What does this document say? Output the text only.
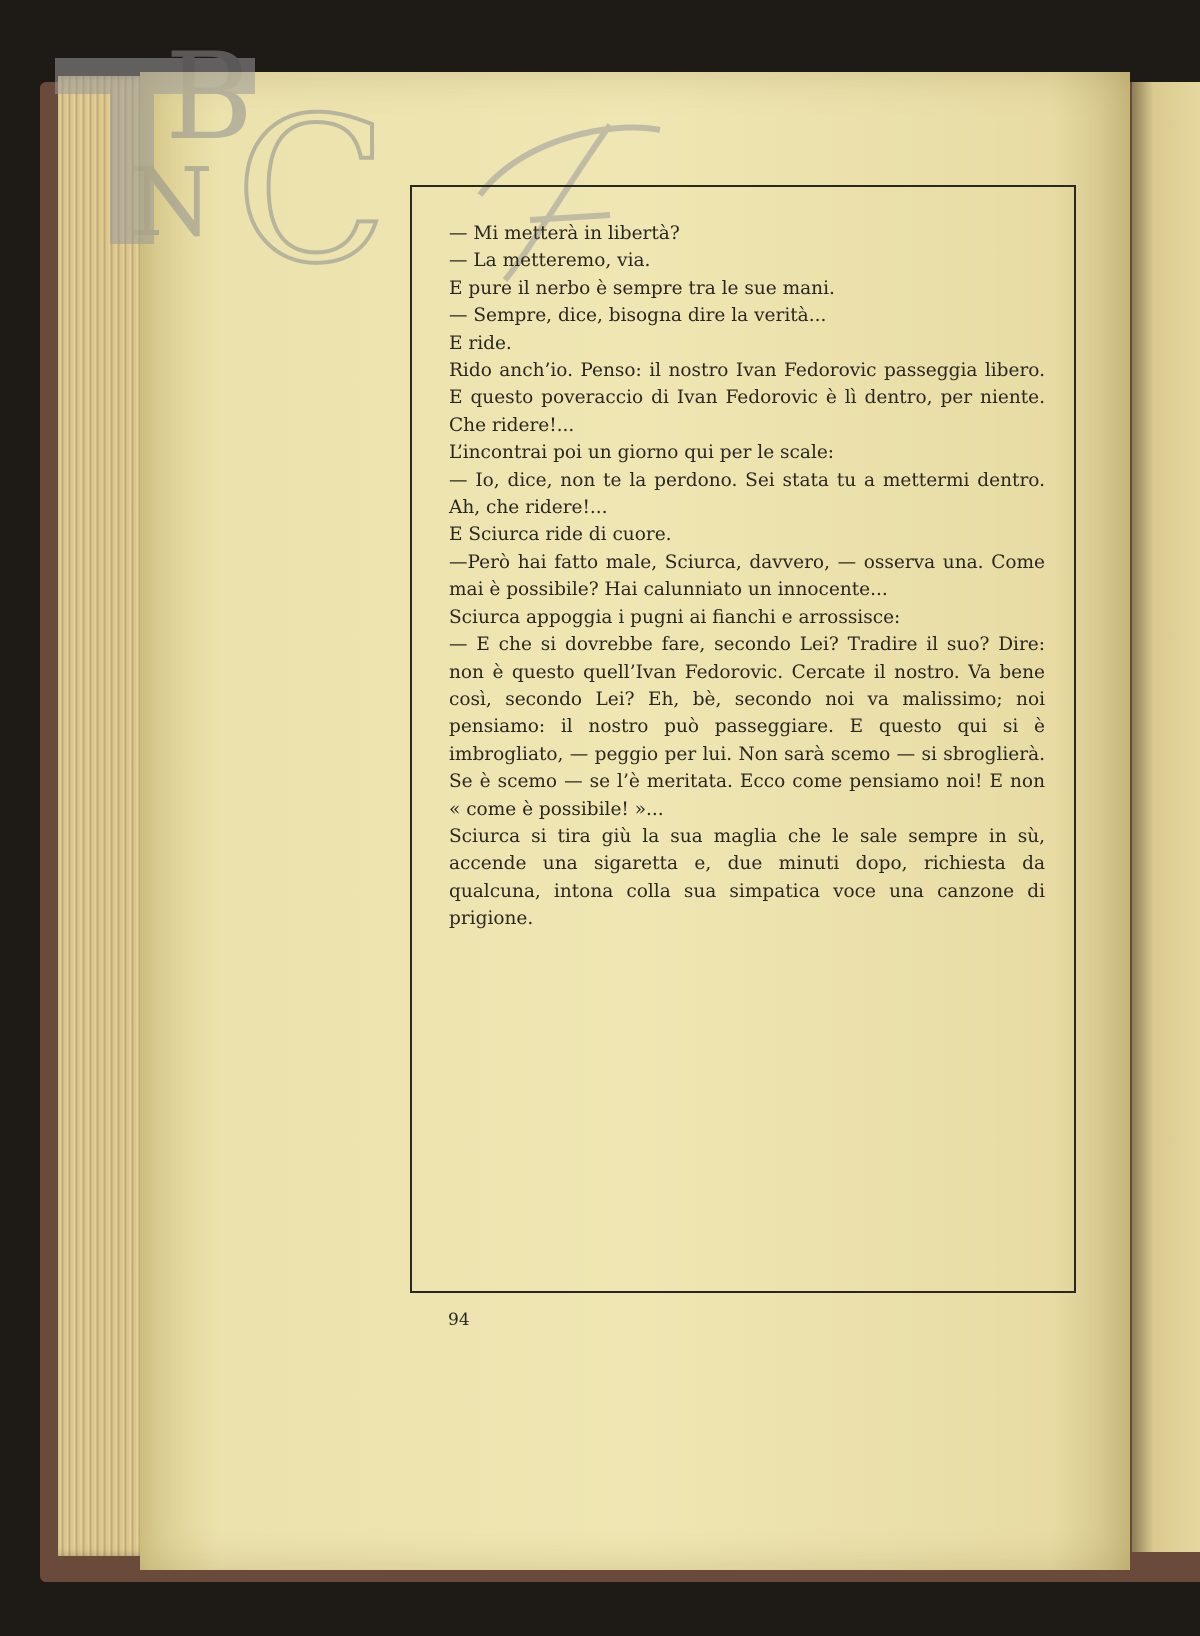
B
N C	— Mi metterà in libertà?

— La metteremo, via.

E pure il nerbo è sempre tra le sue mani.

— Sempre, dice, bisogna dire la verità...

E ride.

Rido anch’io. Penso: il nostro Ivan Fedorovic passeggia libero. E questo poveraccio di Ivan Fedorovic è lì dentro, per niente. Che ridere!...

L’incontrai poi un giorno qui per le scale:

— Io, dice, non te la perdono. Sei stata tu a mettermi dentro. Ah, che ridere!...

E Sciurca ride di cuore.

—Però hai fatto male, Sciurca, davvero, — osserva una. Come mai è possibile? Hai calunniato un innocente...

Sciurca appoggia i pugni ai fianchi e arrossisce:

— E che si dovrebbe fare, secondo Lei? Tradire il suo? Dire: non è questo quell’Ivan Fedorovic. Cercate il nostro. Va bene così, secondo Lei? Eh, bè, secondo noi va malissimo; noi pensiamo: il nostro può passeggiare. E questo qui si è imbrogliato, — peggio per lui. Non sarà scemo — si sbroglierà. Se è scemo — se l’è meritata. Ecco come pensiamo noi! E non « come è possibile! »...

Sciurca si tira giù la sua maglia che le sale sempre in sù, accende una sigaretta e, due minuti dopo, richiesta da qualcuna, intona colla sua simpatica voce una canzone di prigione.

94
